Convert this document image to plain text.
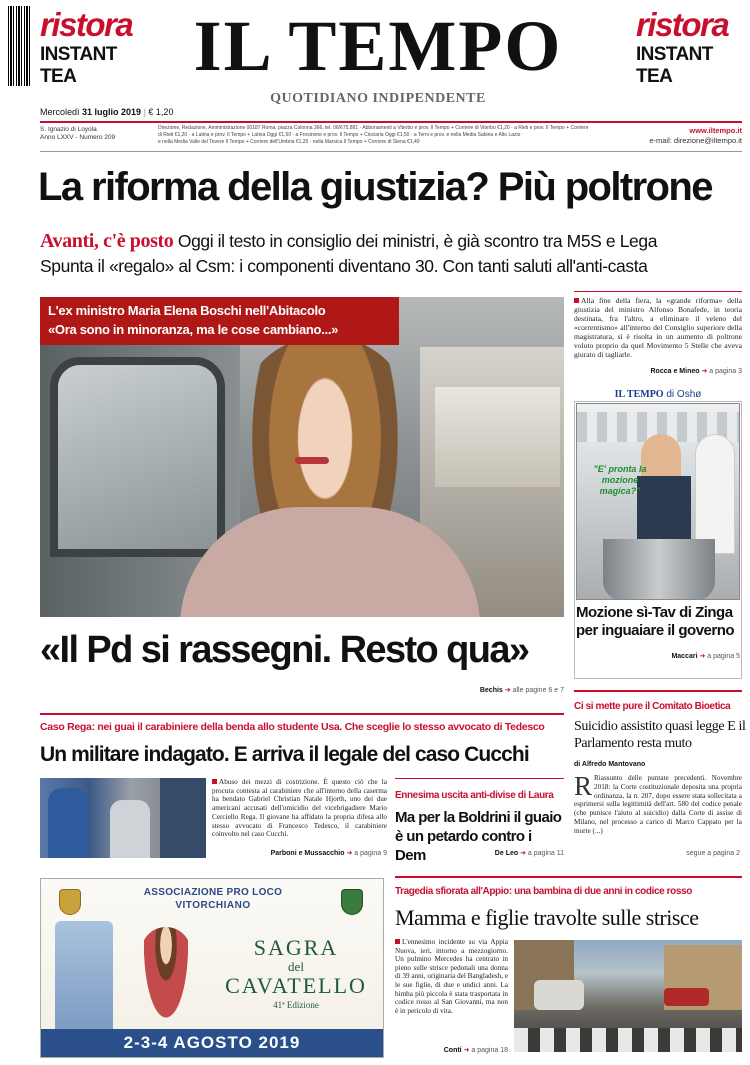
ristora
INSTANT TEA	IL TEMPO
QUOTIDIANO INDIPENDENTE
ristora
INSTANT TEA
Mercoledì 31 luglio 2019 | € 1,20
S. Ignazio di Loyola
Anno LXXV - Numero 209
Direzione, Redazione, Amministrazione 00187 Roma, piazza Colonna 366, tel. 06/675.881 · Abbonamenti a Viterbo e prov. Il Tempo + Corriere di Viterbo €1,20 · a Rieti e prov. Il Tempo + Corriere
di Rieti €1,20 · a Latina e prov. Il Tempo + Latina Oggi €1,50 · a Frosinone e prov. Il Tempo + Ciociaria Oggi €1,50 · a Terni e prov. e nella Media Sabina e Alto Lazio
e nella Media Valle del Tevere Il Tempo + Corriere dell'Umbria €1,20 · nella Marsica Il Tempo + Corriere di Siena €1,40
www.iltempo.it
e-mail: direzione@iltempo.it
La riforma della giustizia? Più poltrone
Avanti, c'è posto Oggi il testo in consiglio dei ministri, è già scontro tra M5S e Lega
Spunta il «regalo» al Csm: i componenti diventano 30. Con tanti saluti all'anti-casta
L'ex ministro Maria Elena Boschi nell'Abitacolo
«Ora sono in minoranza, ma le cose cambiano...»
«Il Pd si rassegni. Resto qua»
Bechis ➜ alle pagine 6 e 7
Alla fine della fiera, la «grande riforma» della giustizia del ministro Alfonso Bonafede, in teoria destinata, fra l'altro, a eliminare il veleno del «correntismo» all'interno del Consiglio superiore della magistratura, si è risolta in un aumento di poltrone voluto proprio da quel Movimento 5 Stelle che aveva giurato di tagliarle.
Rocca e Mineo ➜ a pagina 3
IL TEMPO di Oshø
"E' pronta la mozione magica?"
Mozione sì-Tav di Zinga per inguaiare il governo
Maccari ➜ a pagina 5
Caso Rega: nei guai il carabiniere della benda allo studente Usa. Che sceglie lo stesso avvocato di Tedesco
Un militare indagato. E arriva il legale del caso Cucchi
Abuso dei mezzi di costrizione. È questo ciò che la procura contesta al carabiniere che all'interno della caserma ha bendato Gabriel Christian Natale Hjorth, uno dei due americani accusati dell'omicidio del vicebrigadiere Mario Cerciello Rega. Il giovane ha affidato la propria difesa allo stesso avvocato di Francesco Tedesco, il carabiniere coinvolto nel caso Cucchi.
Parboni e Mussacchio ➜ a pagina 9
Ennesima uscita anti-divise di Laura
Ma per la Boldrini il guaio è un petardo contro i Dem	De Leo ➜ a pagina 11
Ci si mette pure il Comitato Bioetica
Suicidio assistito quasi legge E il Parlamento resta muto
di Alfredo Mantovano
R Riassunto delle puntate precedenti. Novembre 2018: la Corte costituzionale deposita una propria ordinanza, la n. 207, dopo essere stata sollecitata a esprimersi sulla legittimità dell'art. 580 del codice penale (che punisce l'aiuto al suicidio) dalla Corte di assise di Milano, nel processo a carico di Marco Cappato per la morte (...)
segue a pagina 2
ASSOCIAZIONE PRO LOCO
VITORCHIANO
SAGRA
del
CAVATELLO
41ª Edizione
2-3-4 AGOSTO 2019
Tragedia sfiorata all'Appio: una bambina di due anni in codice rosso
Mamma e figlie travolte sulle strisce
L'ennesimo incidente su via Appia Nuova, ieri, intorno a mezzogiorno. Un pulmino Mercedes ha centrato in pieno sulle strisce pedonali una donna di 39 anni, originaria del Bangladesh, e le sue figlie, di due e undici anni. La bimba più piccola è stata trasportata in codice rosso al San Giovanni, ma non è in pericolo di vita.
Conti ➜ a pagina 18
